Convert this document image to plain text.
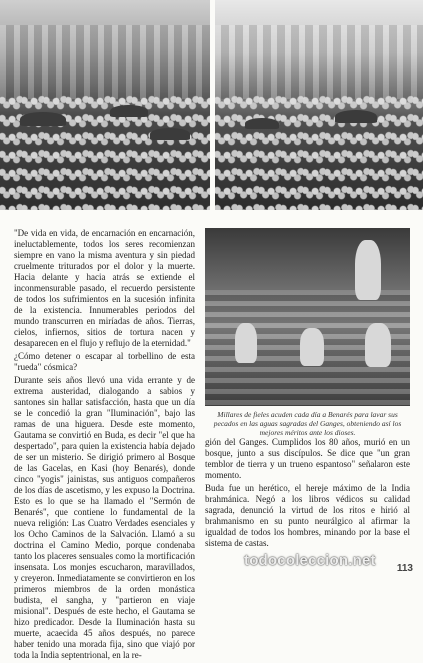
"De vida en vida, de encarnación en encarnación, ineluctablemente, todos los seres recomienzan siempre en vano la misma aventura y sin piedad cruelmente triturados por el dolor y la muerte. Hacia delante y hacia atrás se extiende el inconmensurable pasado, el recuerdo persistente de todos los sufrimientos en la sucesión infinita de la existencia. Innumerables periodos del mundo transcurren en miríadas de años. Tierras, cielos, infiernos, sitios de tortura nacen y desaparecen en el flujo y reflujo de la eternidad."

¿Cómo detener o escapar al torbellino de esta "rueda" cósmica?

Durante seis años llevó una vida errante y de extrema austeridad, dialogando a sabios y santones sin hallar satisfacción, hasta que un día se le concedió la gran "Iluminación", bajo las ramas de una higuera. Desde este momento, Gautama se convirtió en Buda, es decir "el que ha despertado", para quien la existencia había dejado de ser un misterio. Se dirigió primero al Bosque de las Gacelas, en Kasi (hoy Benarés), donde cinco "yogis" jainistas, sus antiguos compañeros de los días de ascetismo, y les expuso la Doctrina. Esto es lo que se ha llamado el "Sermón de Benarés", que contiene lo fundamental de la nueva religión: Las Cuatro Verdades esenciales y los Ocho Caminos de la Salvación. Llamó a su doctrina el Camino Medio, porque condenaba tanto los placeres sensuales como la mortificación insensata. Los monjes escucharon, maravillados, y creyeron. Inmediatamente se convirtieron en los primeros miembros de la orden monástica budista, el sangha, y "partieron en viaje misional". Después de este hecho, el Gautama se hizo predicador. Desde la Iluminación hasta su muerte, acaecida 45 años después, no parece haber tenido una morada fija, sino que viajó por toda la India septentrional, en la re-

Millares de fieles acuden cada día a Benarés para lavar sus pecados en las aguas sagradas del Ganges, obteniendo así los mejores méritos ante los dioses.

gión del Ganges. Cumplidos los 80 años, murió en un bosque, junto a sus discípulos. Se dice que "un gran temblor de tierra y un trueno espantoso" señalaron este momento.

Buda fue un herético, el hereje máximo de la India brahmánica. Negó a los libros védicos su calidad sagrada, denunció la virtud de los ritos e hirió al brahmanismo en su punto neurálgico al afirmar la igualdad de todos los hombres, minando por la base el sistema de castas.

todocoleccion.net	113
